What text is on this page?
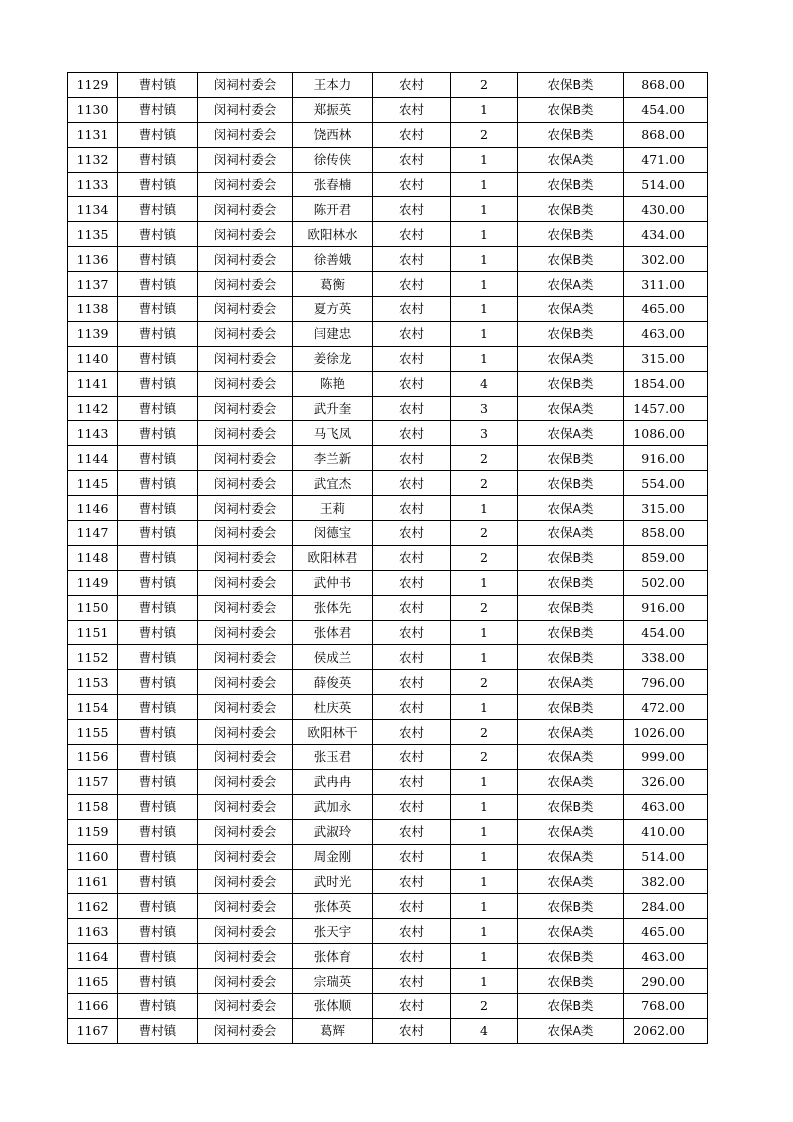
1129	曹村镇	闵祠村委会	王本力	农村	2	农保B类	868.00
1130	曹村镇	闵祠村委会	郑振英	农村	1	农保B类	454.00
1131	曹村镇	闵祠村委会	饶西林	农村	2	农保B类	868.00
1132	曹村镇	闵祠村委会	徐传侠	农村	1	农保A类	471.00
1133	曹村镇	闵祠村委会	张春楠	农村	1	农保B类	514.00
1134	曹村镇	闵祠村委会	陈开君	农村	1	农保B类	430.00
1135	曹村镇	闵祠村委会	欧阳林水	农村	1	农保B类	434.00
1136	曹村镇	闵祠村委会	徐善娥	农村	1	农保B类	302.00
1137	曹村镇	闵祠村委会	葛衡	农村	1	农保A类	311.00
1138	曹村镇	闵祠村委会	夏方英	农村	1	农保A类	465.00
1139	曹村镇	闵祠村委会	闫建忠	农村	1	农保B类	463.00
1140	曹村镇	闵祠村委会	姜徐龙	农村	1	农保A类	315.00
1141	曹村镇	闵祠村委会	陈艳	农村	4	农保B类	1854.00
1142	曹村镇	闵祠村委会	武升奎	农村	3	农保A类	1457.00
1143	曹村镇	闵祠村委会	马飞凤	农村	3	农保A类	1086.00
1144	曹村镇	闵祠村委会	李兰新	农村	2	农保B类	916.00
1145	曹村镇	闵祠村委会	武宜杰	农村	2	农保B类	554.00
1146	曹村镇	闵祠村委会	王莉	农村	1	农保A类	315.00
1147	曹村镇	闵祠村委会	闵德宝	农村	2	农保A类	858.00
1148	曹村镇	闵祠村委会	欧阳林君	农村	2	农保B类	859.00
1149	曹村镇	闵祠村委会	武仲书	农村	1	农保B类	502.00
1150	曹村镇	闵祠村委会	张体先	农村	2	农保B类	916.00
1151	曹村镇	闵祠村委会	张体君	农村	1	农保B类	454.00
1152	曹村镇	闵祠村委会	侯成兰	农村	1	农保B类	338.00
1153	曹村镇	闵祠村委会	薛俊英	农村	2	农保A类	796.00
1154	曹村镇	闵祠村委会	杜庆英	农村	1	农保B类	472.00
1155	曹村镇	闵祠村委会	欧阳林干	农村	2	农保A类	1026.00
1156	曹村镇	闵祠村委会	张玉君	农村	2	农保A类	999.00
1157	曹村镇	闵祠村委会	武冉冉	农村	1	农保A类	326.00
1158	曹村镇	闵祠村委会	武加永	农村	1	农保B类	463.00
1159	曹村镇	闵祠村委会	武淑玲	农村	1	农保A类	410.00
1160	曹村镇	闵祠村委会	周金刚	农村	1	农保A类	514.00
1161	曹村镇	闵祠村委会	武时光	农村	1	农保A类	382.00
1162	曹村镇	闵祠村委会	张体英	农村	1	农保B类	284.00
1163	曹村镇	闵祠村委会	张天宇	农村	1	农保A类	465.00
1164	曹村镇	闵祠村委会	张体育	农村	1	农保B类	463.00
1165	曹村镇	闵祠村委会	宗瑞英	农村	1	农保B类	290.00
1166	曹村镇	闵祠村委会	张体顺	农村	2	农保B类	768.00
1167	曹村镇	闵祠村委会	葛辉	农村	4	农保A类	2062.00
